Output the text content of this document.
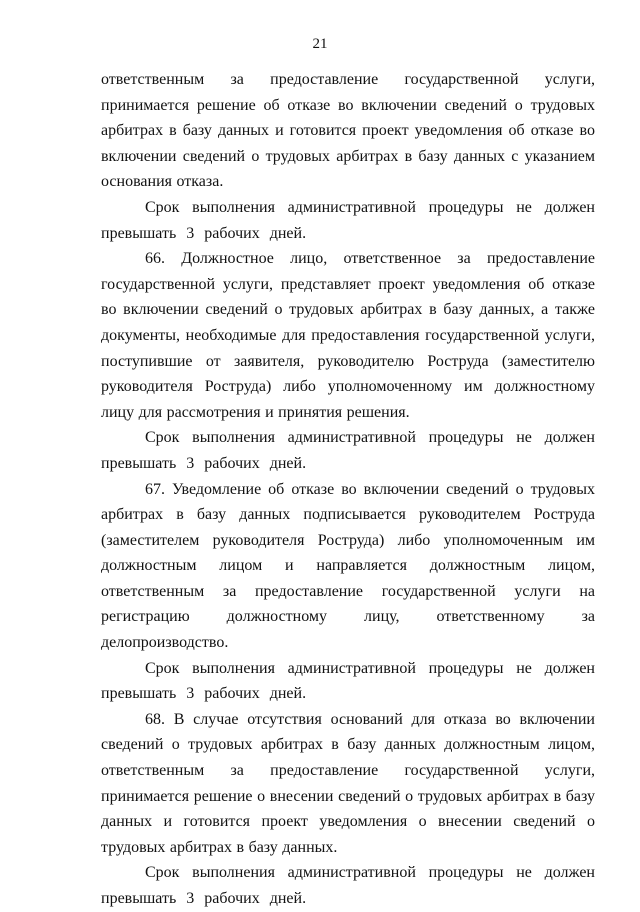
21

ответственным за предоставление государственной услуги, принимается решение об отказе во включении сведений о трудовых арбитрах в базу данных и готовится проект уведомления об отказе во включении сведений о трудовых арбитрах в базу данных с указанием основания отказа.

Срок выполнения административной процедуры не должен превышать 3 рабочих дней.

66. Должностное лицо, ответственное за предоставление государственной услуги, представляет проект уведомления об отказе во включении сведений о трудовых арбитрах в базу данных, а также документы, необходимые для предоставления государственной услуги, поступившие от заявителя, руководителю Роструда (заместителю руководителя Роструда) либо уполномоченному им должностному лицу для рассмотрения и принятия решения.

Срок выполнения административной процедуры не должен превышать 3 рабочих дней.

67. Уведомление об отказе во включении сведений о трудовых арбитрах в базу данных подписывается руководителем Роструда (заместителем руководителя Роструда) либо уполномоченным им должностным лицом и направляется должностным лицом, ответственным за предоставление государственной услуги на регистрацию должностному лицу, ответственному за делопроизводство.

Срок выполнения административной процедуры не должен превышать 3 рабочих дней.

68. В случае отсутствия оснований для отказа во включении сведений о трудовых арбитрах в базу данных должностным лицом, ответственным за предоставление государственной услуги, принимается решение о внесении сведений о трудовых арбитрах в базу данных и готовится проект уведомления о внесении сведений о трудовых арбитрах в базу данных.

Срок выполнения административной процедуры не должен превышать 3 рабочих дней.
